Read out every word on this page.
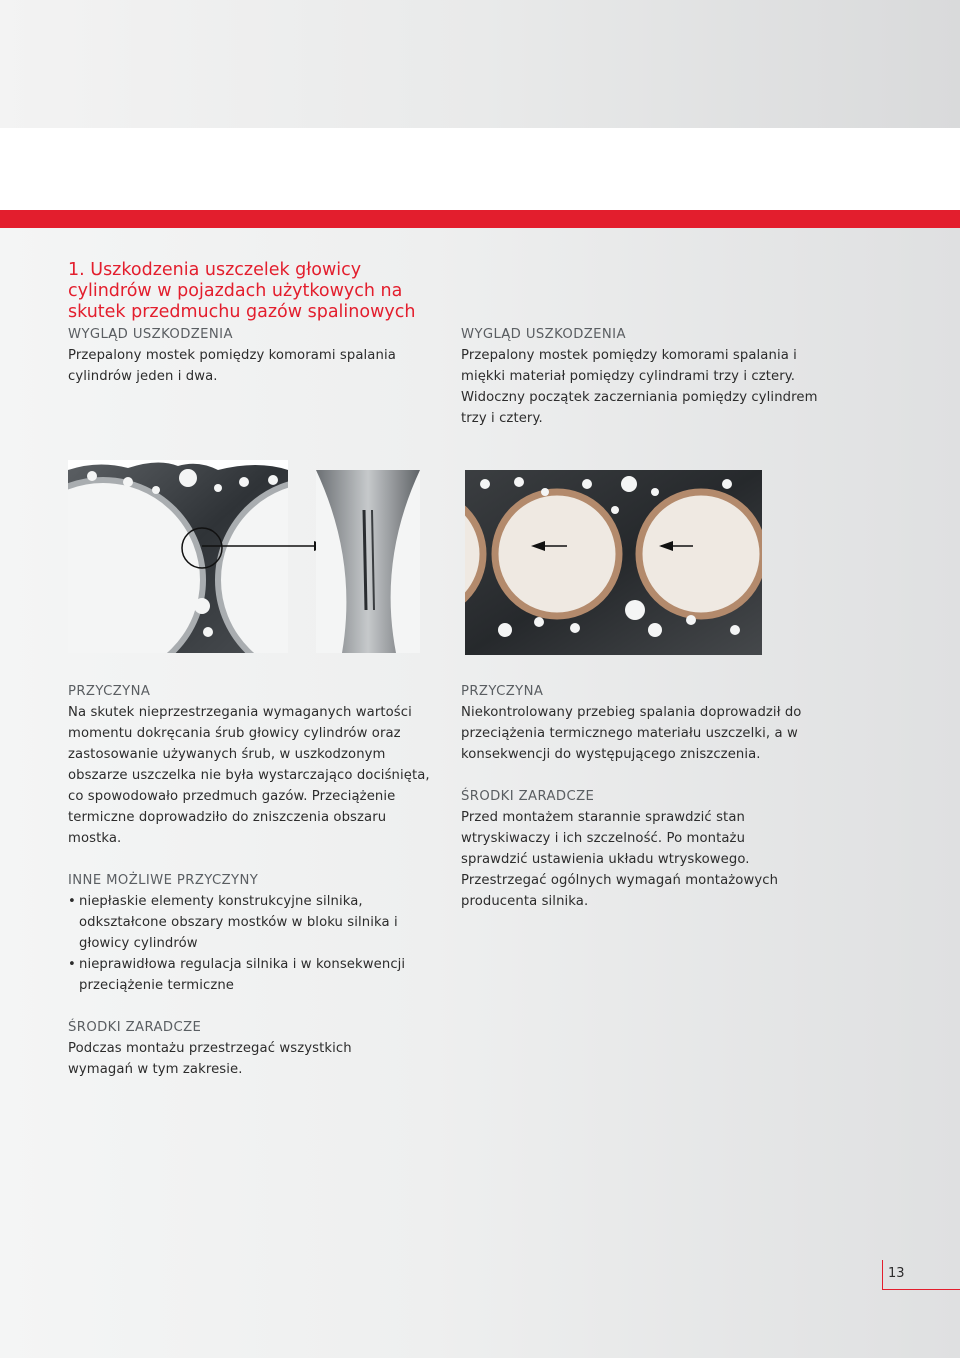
1. Uszkodzenia uszczelek głowicy cylindrów w pojazdach użytkowych na skutek przedmuchu gazów spalinowych
WYGLĄD USZKODZENIA
Przepalony mostek pomiędzy komorami spalania cylindrów jeden i dwa.
WYGLĄD USZKODZENIA
Przepalony mostek pomiędzy komorami spalania i miękki materiał pomiędzy cylindrami trzy i cztery. Widoczny początek zaczerniania pomiędzy cylindrem trzy i cztery.
PRZYCZYNA
Na skutek nieprzestrzegania wymaganych wartości momentu dokręcania śrub głowicy cylindrów oraz zastosowanie używanych śrub, w uszkodzonym obszarze uszczelka nie była wystarczająco dociśnięta, co spowodowało przedmuch gazów. Przeciążenie termiczne doprowadziło do zniszczenia obszaru mostka.
INNE MOŻLIWE PRZYCZYNY
• niepłaskie elementy konstrukcyjne silnika, odkształcone obszary mostków w bloku silnika i głowicy cylindrów
• nieprawidłowa regulacja silnika i w konsekwencji przeciążenie termiczne
ŚRODKI ZARADCZE
Podczas montażu przestrzegać wszystkich wymagań w tym zakresie.
PRZYCZYNA
Niekontrolowany przebieg spalania doprowadził do przeciążenia termicznego materiału uszczelki, a w konsekwencji do występującego zniszczenia.
ŚRODKI ZARADCZE
Przed montażem starannie sprawdzić stan wtryskiwaczy i ich szczelność. Po montażu sprawdzić ustawienia układu wtryskowego. Przestrzegać ogólnych wymagań montażowych producenta silnika.
13
